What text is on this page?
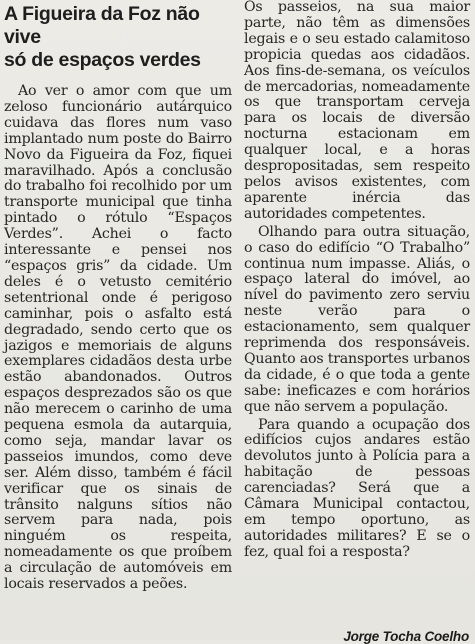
A Figueira da Foz não vive
só de espaços verdes

Ao ver o amor com que um zeloso funcionário autárquico cuidava das flores num vaso implantado num poste do Bairro Novo da Figueira da Foz, fiquei maravilhado. Após a conclusão do trabalho foi recolhido por um transporte municipal que tinha pintado o rótulo “Espaços Verdes”. Achei o facto interessante e pensei nos “espaços gris” da cidade. Um deles é o vetusto cemitério setentrional onde é perigoso caminhar, pois o asfalto está degradado, sendo certo que os jazigos e memoriais de alguns exemplares cidadãos desta urbe estão abandonados. Outros espaços desprezados são os que não merecem o carinho de uma pequena esmola da autarquia, como seja, mandar lavar os passeios imundos, como deve ser. Além disso, também é fácil verificar que os sinais de trânsito nalguns sítios não servem para nada, pois ninguém os respeita, nomeadamente os que proíbem a circulação de automóveis em locais reservados a peões.

Os passeios, na sua maior parte, não têm as dimensões legais e o seu estado calamitoso propicia quedas aos cidadãos. Aos fins-de-semana, os veículos de mercadorias, nomeadamente os que transportam cerveja para os locais de diversão nocturna estacionam em qualquer local, e a horas despropositadas, sem respeito pelos avisos existentes, com aparente inércia das autoridades competentes.

Olhando para outra situação, o caso do edifício “O Trabalho” continua num impasse. Aliás, o espaço lateral do imóvel, ao nível do pavimento zero serviu neste verão para o estacionamento, sem qualquer reprimenda dos responsáveis. Quanto aos transportes urbanos da cidade, é o que toda a gente sabe: ineficazes e com horários que não servem a população.

Para quando a ocupação dos edifícios cujos andares estão devolutos junto à Polícia para a habitação de pessoas carenciadas? Será que a Câmara Municipal contactou, em tempo oportuno, as autoridades militares? E se o fez, qual foi a resposta?

Jorge Tocha Coelho
